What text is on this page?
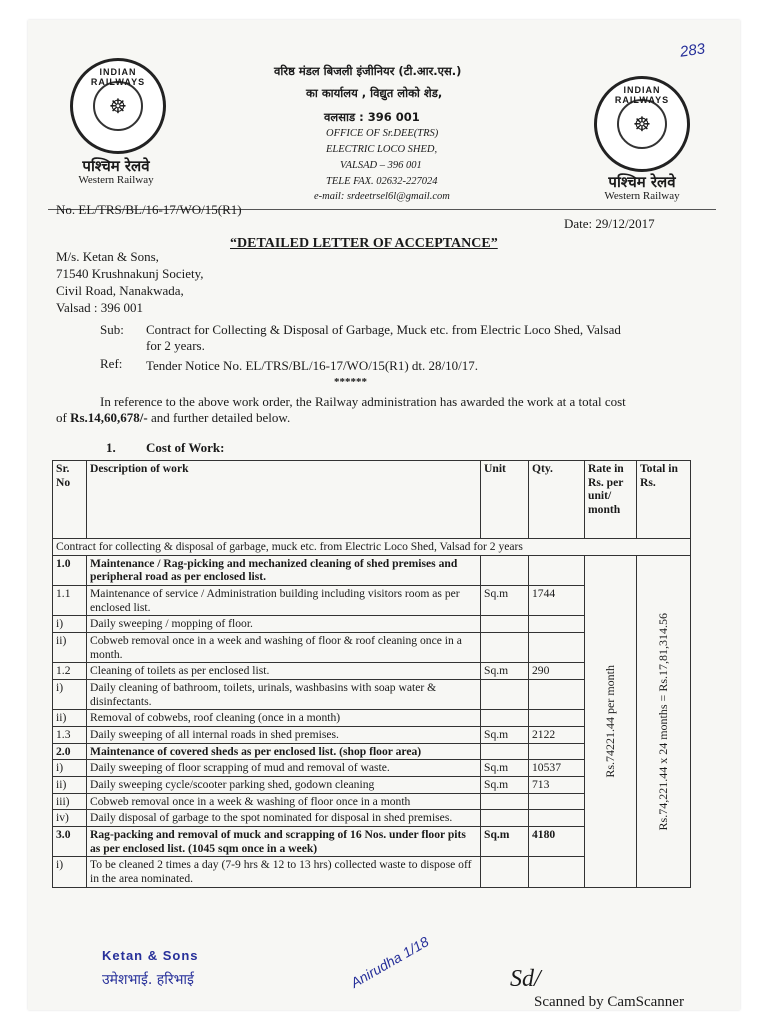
283
INDIAN RAILWAYS
☸
पश्चिम रेलवे
Western Railway
INDIAN RAILWAYS
☸
पश्चिम रेलवे
Western Railway
वरिष्ठ मंडल बिजली इंजीनियर (टी.आर.एस.)
का कार्यालय , विद्युत लोको शेड,
वलसाड : 396 001
OFFICE OF Sr.DEE(TRS)
ELECTRIC LOCO SHED,
VALSAD – 396 001
TELE FAX. 02632-227024
e-mail: srdeetrsel6l@gmail.com
No. EL/TRS/BL/16-17/WO/15(R1)
Date: 29/12/2017
“DETAILED LETTER OF ACCEPTANCE”
M/s. Ketan & Sons,
71540 Krushnakunj Society,
Civil Road, Nanakwada,
Valsad : 396 001
Sub: Contract for Collecting & Disposal of Garbage, Muck etc. from Electric Loco Shed, Valsad
for 2 years.
Ref: Tender Notice No. EL/TRS/BL/16-17/WO/15(R1) dt. 28/10/17.
******
In reference to the above work order, the Railway administration has awarded the work at a total cost
of Rs.14,60,678/- and further detailed below.
1. Cost of Work:
Sr. No	Description of work	Unit	Qty.	Rate in Rs. per unit/ month	Total in Rs.
Contract for collecting & disposal of garbage, muck etc. from Electric Loco Shed, Valsad for 2 years					
1.0	Maintenance / Rag-picking and mechanized cleaning of shed premises and peripheral road as per enclosed list.			Rs.74221.44 per month	Rs.74,221.44 x 24 months = Rs.17,81,314.56

1.1	Maintenance of service / Administration building including visitors room as per enclosed list.	Sq.m	1744		
i)	Daily sweeping / mopping of floor.				
ii)	Cobweb removal once in a week and washing of floor & roof cleaning once in a month.				
1.2	Cleaning of toilets as per enclosed list.	Sq.m	290		
i)	Daily cleaning of bathroom, toilets, urinals, washbasins with soap water & disinfectants.				
ii)	Removal of cobwebs, roof cleaning (once in a month)				
1.3	Daily sweeping of all internal roads in shed premises.	Sq.m	2122		
2.0	Maintenance of covered sheds as per enclosed list. (shop floor area)				
i)	Daily sweeping of floor scrapping of mud and removal of waste.	Sq.m	10537		
ii)	Daily sweeping cycle/scooter parking shed, godown cleaning	Sq.m	713		
iii)	Cobweb removal once in a week & washing of floor once in a month				
iv)	Daily disposal of garbage to the spot nominated for disposal in shed premises.				
3.0	Rag-packing and removal of muck and scrapping of 16 Nos. under floor pits as per enclosed list. (1045 sqm once in a week)	Sq.m	4180		
i)	To be cleaned 2 times a day (7-9 hrs & 12 to 13 hrs) collected waste to dispose off in the area nominated.				
Ketan & Sons
उमेशभाई. हरिभाई	Anirudha 1/18	Sd/
Scanned by CamScanner
